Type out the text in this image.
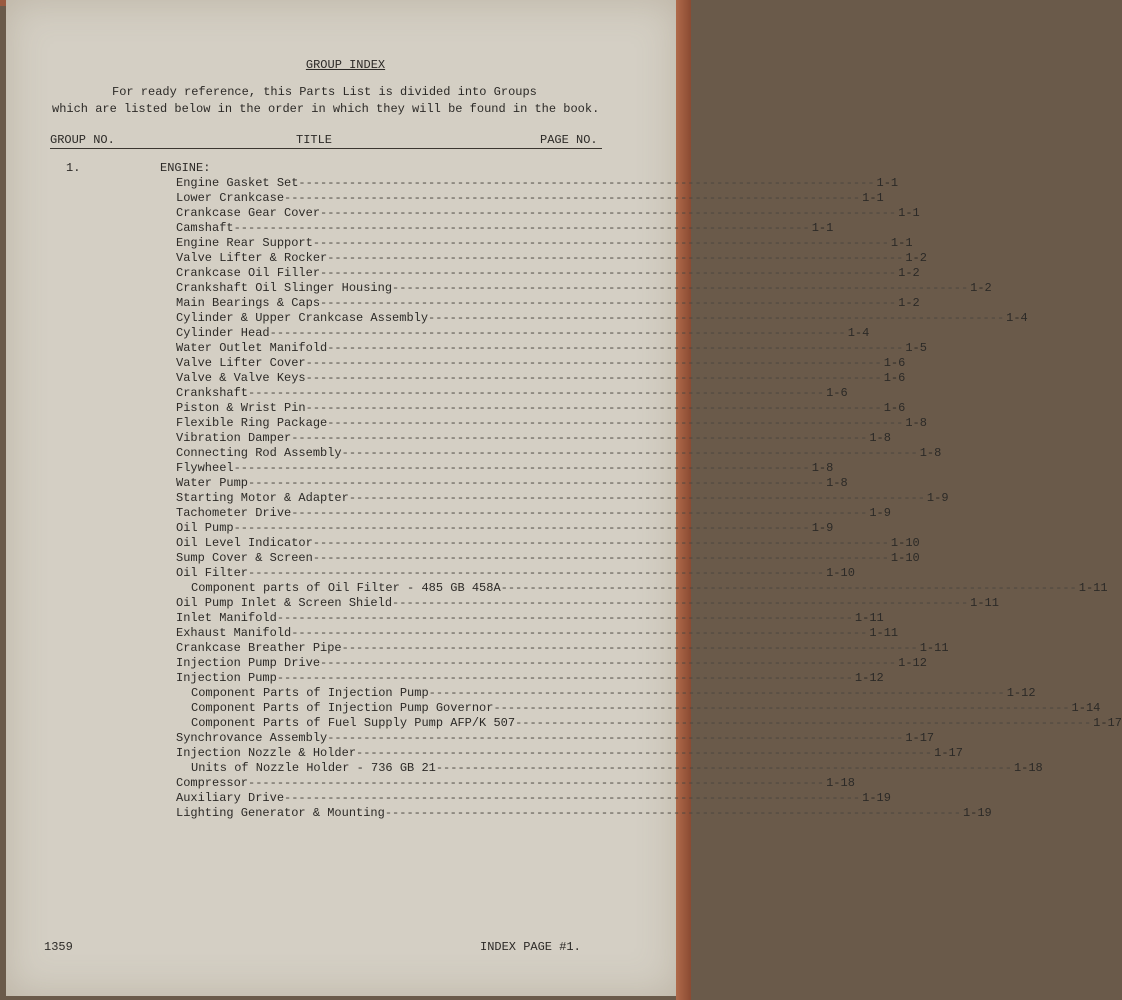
GROUP INDEX
For ready reference, this Parts List is divided into Groups
which are listed below in the order in which they will be found in the book.
GROUP NO.	TITLE	PAGE NO.
1.	ENGINE:
Engine Gasket Set -------------------------------------------------------------------------------- 1-1
Lower Crankcase -------------------------------------------------------------------------------- 1-1
Crankcase Gear Cover -------------------------------------------------------------------------------- 1-1
Camshaft -------------------------------------------------------------------------------- 1-1
Engine Rear Support -------------------------------------------------------------------------------- 1-1
Valve Lifter & Rocker -------------------------------------------------------------------------------- 1-2
Crankcase Oil Filler -------------------------------------------------------------------------------- 1-2
Crankshaft Oil Slinger Housing -------------------------------------------------------------------------------- 1-2
Main Bearings & Caps -------------------------------------------------------------------------------- 1-2
Cylinder & Upper Crankcase Assembly -------------------------------------------------------------------------------- 1-4
Cylinder Head -------------------------------------------------------------------------------- 1-4
Water Outlet Manifold -------------------------------------------------------------------------------- 1-5
Valve Lifter Cover -------------------------------------------------------------------------------- 1-6
Valve & Valve Keys -------------------------------------------------------------------------------- 1-6
Crankshaft -------------------------------------------------------------------------------- 1-6
Piston & Wrist Pin -------------------------------------------------------------------------------- 1-6
Flexible Ring Package -------------------------------------------------------------------------------- 1-8
Vibration Damper -------------------------------------------------------------------------------- 1-8
Connecting Rod Assembly -------------------------------------------------------------------------------- 1-8
Flywheel -------------------------------------------------------------------------------- 1-8
Water Pump -------------------------------------------------------------------------------- 1-8
Starting Motor & Adapter -------------------------------------------------------------------------------- 1-9
Tachometer Drive -------------------------------------------------------------------------------- 1-9
Oil Pump -------------------------------------------------------------------------------- 1-9
Oil Level Indicator -------------------------------------------------------------------------------- 1-10
Sump Cover & Screen -------------------------------------------------------------------------------- 1-10
Oil Filter -------------------------------------------------------------------------------- 1-10
Component parts of Oil Filter - 485 GB 458A -------------------------------------------------------------------------------- 1-11
Oil Pump Inlet & Screen Shield -------------------------------------------------------------------------------- 1-11
Inlet Manifold -------------------------------------------------------------------------------- 1-11
Exhaust Manifold -------------------------------------------------------------------------------- 1-11
Crankcase Breather Pipe -------------------------------------------------------------------------------- 1-11
Injection Pump Drive -------------------------------------------------------------------------------- 1-12
Injection Pump -------------------------------------------------------------------------------- 1-12
Component Parts of Injection Pump -------------------------------------------------------------------------------- 1-12
Component Parts of Injection Pump Governor -------------------------------------------------------------------------------- 1-14
Component Parts of Fuel Supply Pump AFP/K 507 -------------------------------------------------------------------------------- 1-17
Synchrovance Assembly -------------------------------------------------------------------------------- 1-17
Injection Nozzle & Holder -------------------------------------------------------------------------------- 1-17
Units of Nozzle Holder - 736 GB 21 -------------------------------------------------------------------------------- 1-18
Compressor -------------------------------------------------------------------------------- 1-18
Auxiliary Drive -------------------------------------------------------------------------------- 1-19
Lighting Generator & Mounting -------------------------------------------------------------------------------- 1-19
1359	INDEX PAGE #1.
